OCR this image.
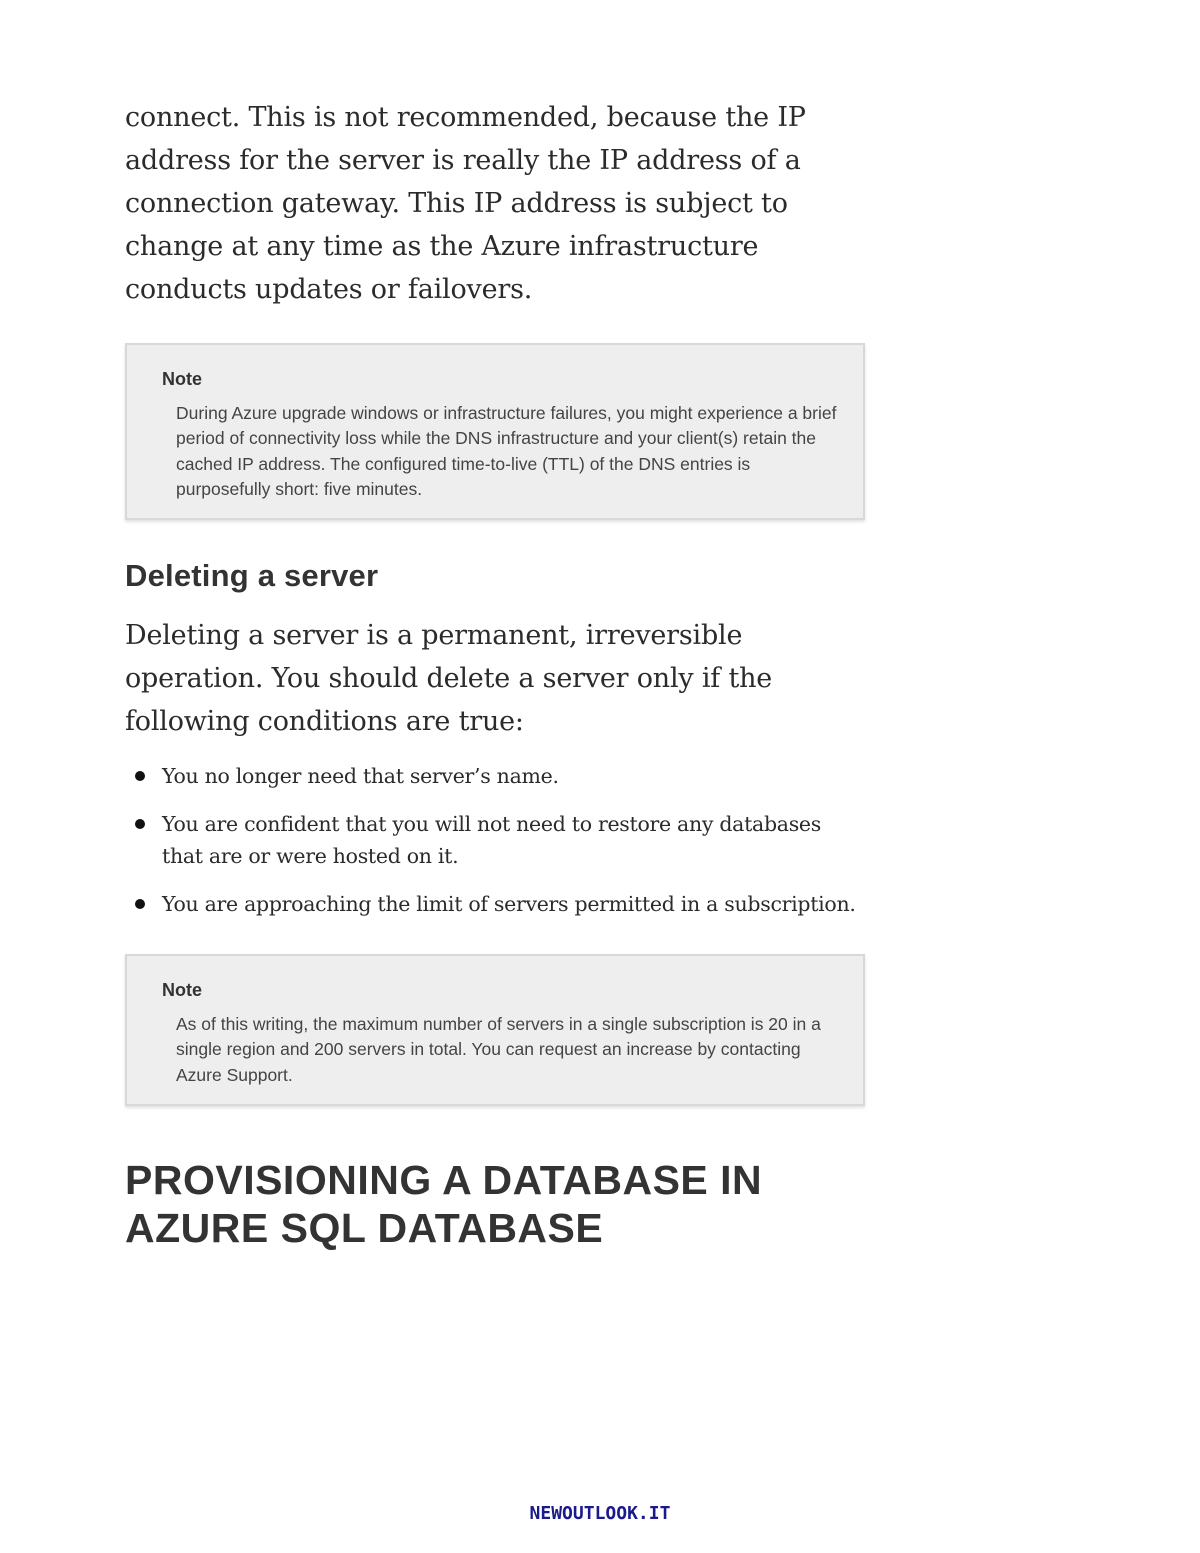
connect. This is not recommended, because the IP address for the server is really the IP address of a connection gateway. This IP address is subject to change at any time as the Azure infrastructure conducts updates or failovers.

Note

During Azure upgrade windows or infrastructure failures, you might experience a brief period of connectivity loss while the DNS infrastructure and your client(s) retain the cached IP address. The configured time-to-live (TTL) of the DNS entries is purposefully short: five minutes.

Deleting a server

Deleting a server is a permanent, irreversible operation. You should delete a server only if the following conditions are true:

You no longer need that server’s name.
You are confident that you will not need to restore any databases that are or were hosted on it.
You are approaching the limit of servers permitted in a subscription.

Note

As of this writing, the maximum number of servers in a single subscription is 20 in a single region and 200 servers in total. You can request an increase by contacting Azure Support.

PROVISIONING A DATABASE IN AZURE SQL DATABASE

NEWOUTLOOK.IT
